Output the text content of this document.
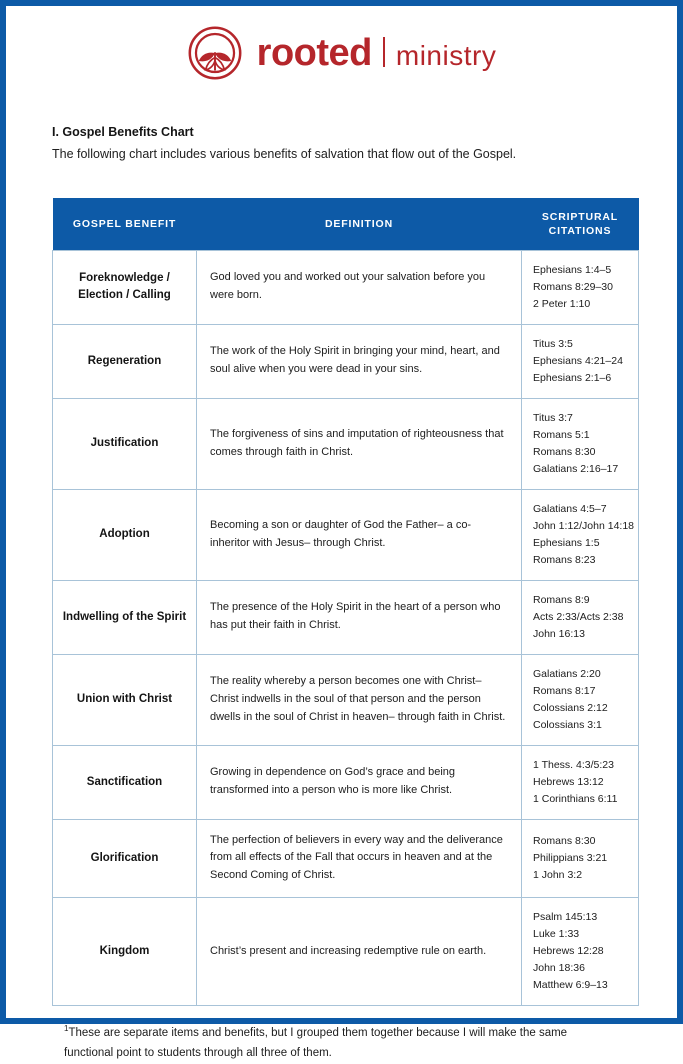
rooted ministry

I. Gospel Benefits Chart

The following chart includes various benefits of salvation that flow out of the Gospel.

GOSPEL BENEFIT	DEFINITION	SCRIPTURAL
CITATIONS
Foreknowledge / Election / Calling	God loved you and worked out your salvation before you were born.	Ephesians 1:4–5
Romans 8:29–30
2 Peter 1:10

Regeneration	The work of the Holy Spirit in bringing your mind, heart, and soul alive when you were dead in your sins.	Titus 3:5
Ephesians 4:21–24
Ephesians 2:1–6

Justification	The forgiveness of sins and imputation of righteousness that comes through faith in Christ.	Titus 3:7
Romans 5:1
Romans 8:30
Galatians 2:16–17

Adoption	Becoming a son or daughter of God the Father– a co-inheritor with Jesus– through Christ.	Galatians 4:5–7
John 1:12/John 14:18
Ephesians 1:5
Romans 8:23

Indwelling of the Spirit	The presence of the Holy Spirit in the heart of a person who has put their faith in Christ.	Romans 8:9
Acts 2:33/Acts 2:38
John 16:13

Union with Christ	The reality whereby a person becomes one with Christ– Christ indwells in the soul of that person and the person dwells in the soul of Christ in heaven– through faith in Christ.	Galatians 2:20
Romans 8:17
Colossians 2:12
Colossians 3:1

Sanctification	Growing in dependence on God’s grace and being transformed into a person who is more like Christ.	1 Thess. 4:3/5:23
Hebrews 13:12
1 Corinthians 6:11

Glorification	The perfection of believers in every way and the deliverance from all effects of the Fall that occurs in heaven and at the Second Coming of Christ.	Romans 8:30
Philippians 3:21
1 John 3:2

Kingdom	Christ’s present and increasing redemptive rule on earth.	Psalm 145:13
Luke 1:33
Hebrews 12:28
John 18:36
Matthew 6:9–13

$^1$These are separate items and benefits, but I grouped them together because I will make the same functional point to students through all three of them.
